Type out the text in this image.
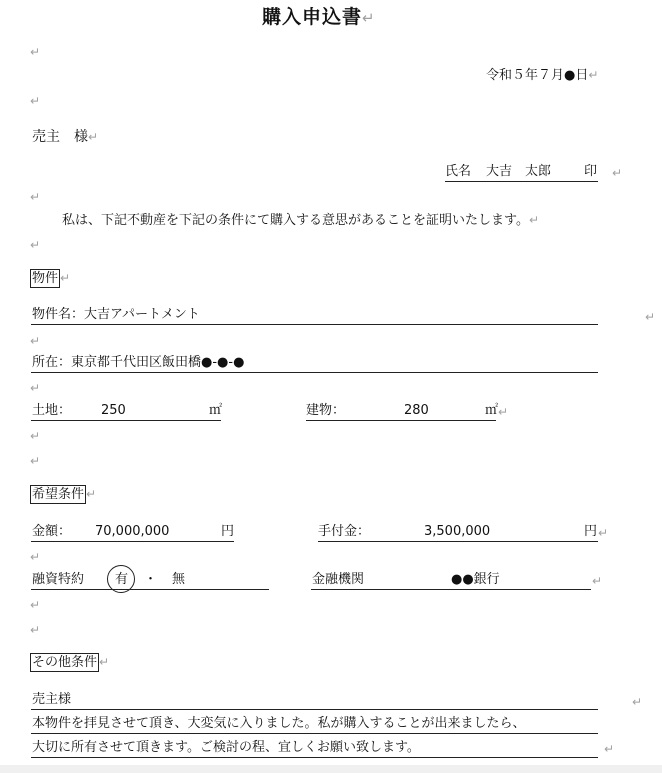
購入申込書↵
↵
令和５年７月●日↵
↵
売主　様↵
氏名 大吉　太郎	印 ↵
↵
私は、下記不動産を下記の条件にて購入する意思があることを証明いたします。↵
↵
物件 ↵
物件名：大吉アパートメント	↵
↵
所在：東京都千代田区飯田橋●-●-●
↵
土地： 250	㎡	建物：	280	㎡ ↵
↵
↵
希望条件 ↵
金額： 70,000,000	円	手付金：	3,500,000	円 ↵
↵
融資特約 有 ・ 無	金融機関	●●銀行	↵
↵
↵
その他条件 ↵
売主様	↵
本物件を拝見させて頂き、大変気に入りました。私が購入することが出来ましたら、
大切に所有させて頂きます。ご検討の程、宜しくお願い致します。	↵
